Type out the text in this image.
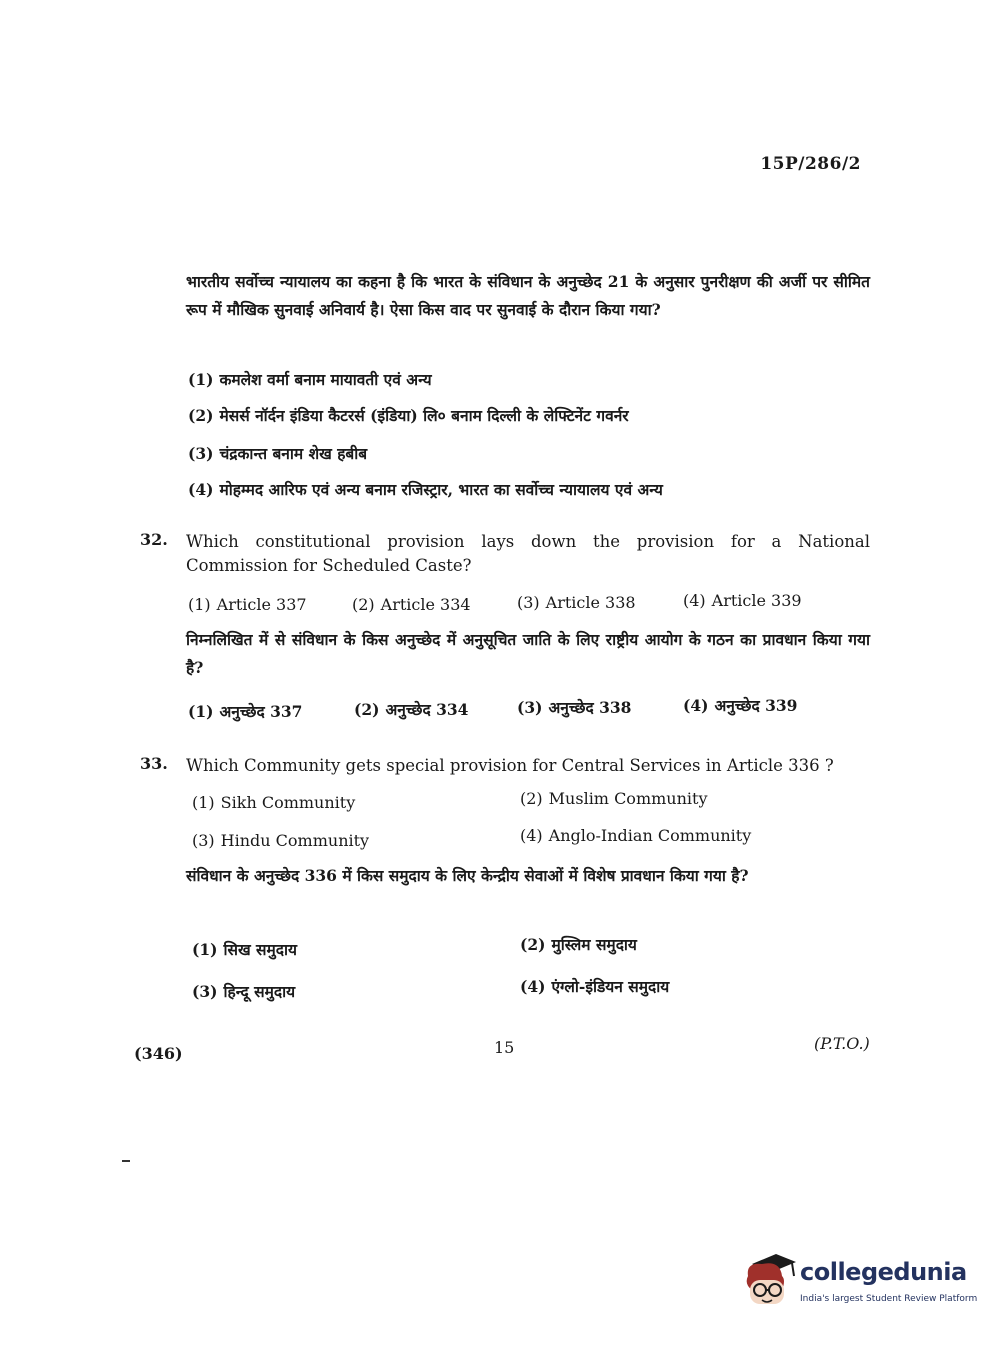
15P/286/2
भारतीय सर्वोच्च न्यायालय का कहना है कि भारत के संविधान के अनुच्छेद 21 के अनुसार पुनरीक्षण की अर्जी पर सीमित रूप में मौखिक सुनवाई अनिवार्य है। ऐसा किस वाद पर सुनवाई के दौरान किया गया?
(1) कमलेश वर्मा बनाम मायावती एवं अन्य
(2) मेसर्स नॉर्दन इंडिया कैटरर्स (इंडिया) लि० बनाम दिल्ली के लेफ्टिनेंट गवर्नर
(3) चंद्रकान्त बनाम शेख हबीब
(4) मोहम्मद आरिफ एवं अन्य बनाम रजिस्ट्रार, भारत का सर्वोच्च न्यायालय एवं अन्य
32. Which constitutional provision lays down the provision for a National Commission for Scheduled Caste?
(1) Article 337	(2) Article 334	(3) Article 338	(4) Article 339
निम्नलिखित में से संविधान के किस अनुच्छेद में अनुसूचित जाति के लिए राष्ट्रीय आयोग के गठन का प्रावधान किया गया है?
(1) अनुच्छेद 337	(2) अनुच्छेद 334	(3) अनुच्छेद 338	(4) अनुच्छेद 339
33. Which Community gets special provision for Central Services in Article 336 ?
(1) Sikh Community	(2) Muslim Community
(3) Hindu Community	(4) Anglo-Indian Community
संविधान के अनुच्छेद 336 में किस समुदाय के लिए केन्द्रीय सेवाओं में विशेष प्रावधान किया गया है?
(1) सिख समुदाय	(2) मुस्लिम समुदाय
(3) हिन्दू समुदाय	(4) एंग्लो-इंडियन समुदाय
(346)	15	(P.T.O.)
collegedunia
India's largest Student Review Platform
